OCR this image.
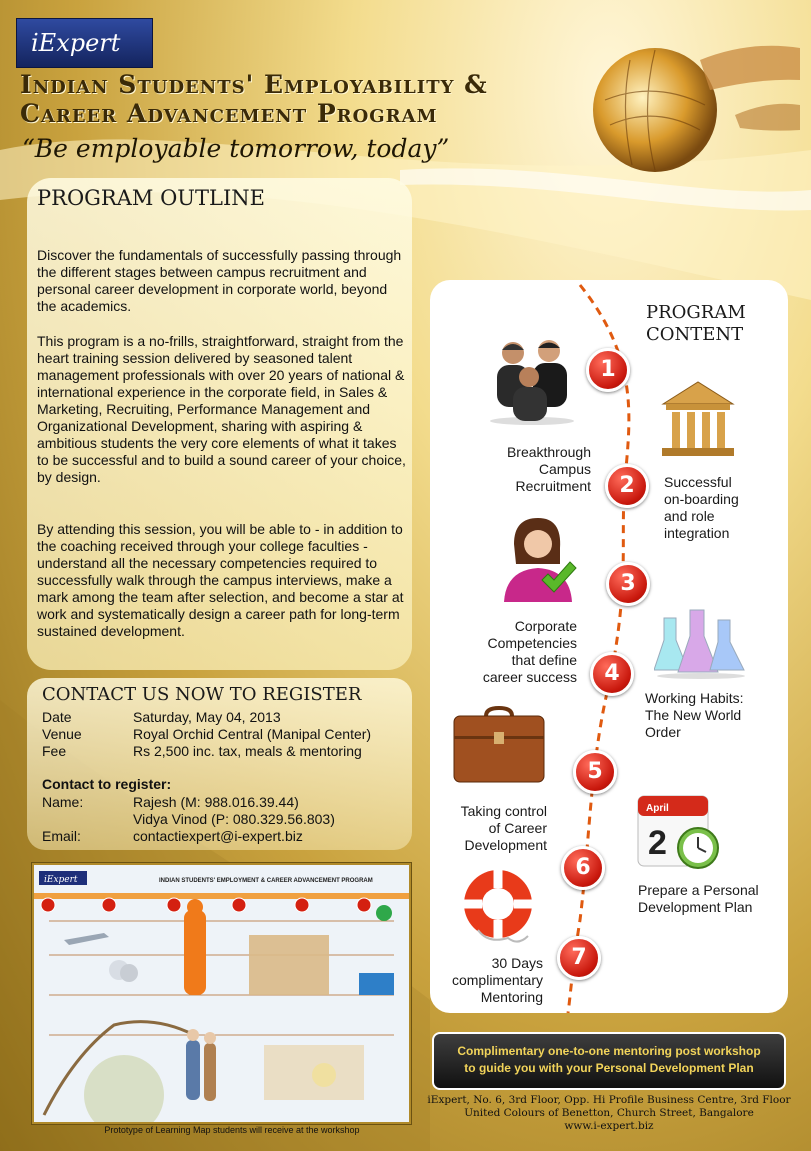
iExpert
Indian Students' Employability &
Career Advancement Program
“Be employable tomorrow, today”
PROGRAM OUTLINE

Discover the fundamentals of successfully passing through the different stages between campus recruitment and personal career development in corporate world, beyond the academics.

This program is a no-frills, straightforward, straight from the heart training session delivered by seasoned talent management professionals with over 20 years of national & international experience in the corporate field, in Sales & Marketing, Recruiting, Performance Management and Organizational Development, sharing with aspiring & ambitious students the very core elements of what it takes to be successful and to build a sound career of your choice, by design.

By attending this session, you will be able to - in addition to the coaching received through your college faculties - understand all the necessary competencies required to successfully walk through the campus interviews, make a mark among the team after selection, and become a star at work and systematically design a career path for long-term sustained development.

CONTACT US NOW TO REGISTER
Date	Saturday, May 04, 2013
Venue	Royal Orchid Central (Manipal Center)
Fee	Rs 2,500 inc. tax, meals & mentoring
Contact to register:
Name:	Rajesh (M: 988.016.39.44)
Vidya Vinod (P: 080.329.56.803)
Email:	contactiexpert@i-expert.biz
iExpert	INDIAN STUDENTS' EMPLOYMENT & CAREER ADVANCEMENT PROGRAM
Prototype of Learning Map students will receive at the workshop
PROGRAM CONTENT
1
Breakthrough
Campus
Recruitment	2	Successful
on-boarding
and role
integration
3
Corporate
Competencies
that define
career success	4
Working Habits:
The New World
Order
5
Taking control
of Career
Development
April
2
6
Prepare a Personal
Development Plan
7
30 Days
complimentary
Mentoring
Complimentary one-to-one mentoring post workshop
to guide you with your Personal Development Plan
iExpert, No. 6, 3rd Floor, Opp. Hi Profile Business Centre, 3rd Floor
United Colours of Benetton, Church Street, Bangalore
www.i-expert.biz
